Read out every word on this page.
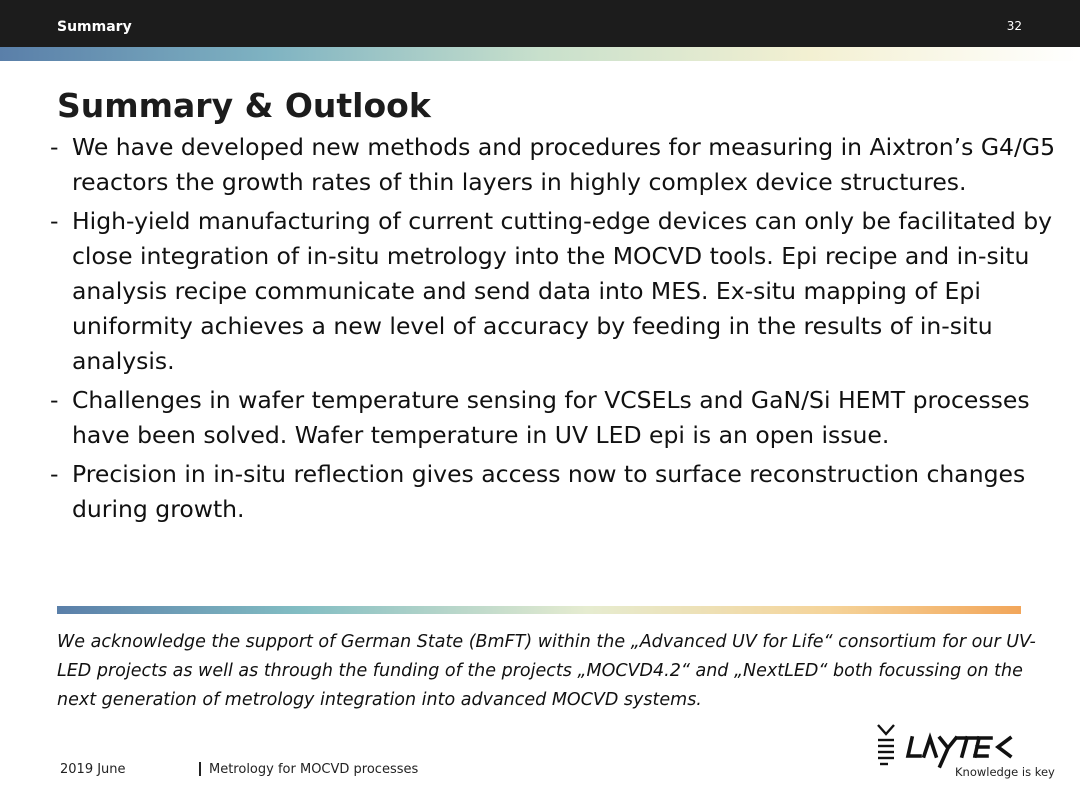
Summary	32
Summary & Outlook
- We have developed new methods and procedures for measuring in Aixtron’s G4/G5 reactors the growth rates of thin layers in highly complex device structures.
- High-yield manufacturing of current cutting-edge devices can only be facilitated by close integration of in-situ metrology into the MOCVD tools. Epi recipe and in-situ analysis recipe communicate and send data into MES. Ex-situ mapping of Epi uniformity achieves a new level of accuracy by feeding in the results of in-situ analysis.
- Challenges in wafer temperature sensing for VCSELs and GaN/Si HEMT processes have been solved. Wafer temperature in UV LED epi is an open issue.
- Precision in in-situ reflection gives access now to surface reconstruction changes during growth.

We acknowledge the support of German State (BmFT) within the „Advanced UV for Life“ consortium for our UV-LED projects as well as through the funding of the projects „MOCVD4.2“ and „NextLED“ both focussing on the next generation of metrology integration into advanced MOCVD systems.

2019 June	Metrology for MOCVD processes	Knowledge is key
